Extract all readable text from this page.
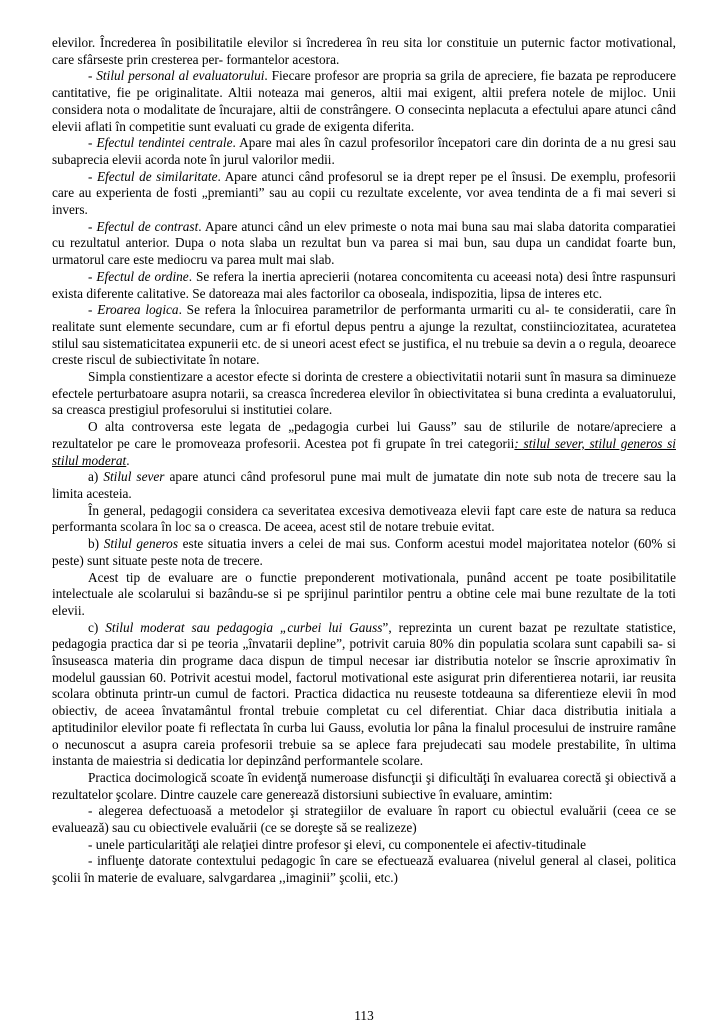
elevilor. Încrederea în posibilitatile elevilor si încrederea în reu sita lor constituie un puternic factor motivational, care sfârseste prin cresterea per- formantelor acestora.

- Stilul personal al evaluatorului. Fiecare profesor are propria sa grila de apreciere, fie bazata pe reproducere cantitative, fie pe originalitate. Altii noteaza mai generos, altii mai exigent, altii prefera notele de mijloc. Unii considera nota o modalitate de încurajare, altii de constrângere. O consecinta neplacuta a efectului apare atunci când elevii aflati în competitie sunt evaluati cu grade de exigenta diferita.

- Efectul tendintei centrale. Apare mai ales în cazul profesorilor începatori care din dorinta de a nu gresi sau subaprecia elevii acorda note în jurul valorilor medii.

- Efectul de similaritate. Apare atunci când profesorul se ia drept reper pe el însusi. De exemplu, profesorii care au experienta de fosti „premianti” sau au copii cu rezultate excelente, vor avea tendinta de a fi mai severi si invers.

- Efectul de contrast. Apare atunci când un elev primeste o nota mai buna sau mai slaba datorita comparatiei cu rezultatul anterior. Dupa o nota slaba un rezultat bun va parea si mai bun, sau dupa un candidat foarte bun, urmatorul care este mediocru va parea mult mai slab.

- Efectul de ordine. Se refera la inertia aprecierii (notarea concomitenta cu aceeasi nota) desi între raspunsuri exista diferente calitative. Se datoreaza mai ales factorilor ca oboseala, indispozitia, lipsa de interes etc.

- Eroarea logica. Se refera la înlocuirea parametrilor de performanta urmariti cu al- te consideratii, care în realitate sunt elemente secundare, cum ar fi efortul depus pentru a ajunge la rezultat, constiinciozitatea, acuratetea stilul sau sistematicitatea expunerii etc. de si uneori acest efect se justifica, el nu trebuie sa devin a o regula, deoarece creste riscul de subiectivitate în notare.

Simpla constientizare a acestor efecte si dorinta de crestere a obiectivitatii notarii sunt în masura sa diminueze efectele perturbatoare asupra notarii, sa creasca încrederea elevilor în obiectivitatea si buna credinta a evaluatorului, sa creasca prestigiul profesorului si institutiei colare.

O alta controversa este legata de „pedagogia curbei lui Gauss” sau de stilurile de notare/apreciere a rezultatelor pe care le promoveaza profesorii. Acestea pot fi grupate în trei categorii: stilul sever, stilul generos si stilul moderat.

a) Stilul sever apare atunci când profesorul pune mai mult de jumatate din note sub nota de trecere sau la limita acesteia.

În general, pedagogii considera ca severitatea excesiva demotiveaza elevii fapt care este de natura sa reduca performanta scolara în loc sa o creasca. De aceea, acest stil de notare trebuie evitat.

b) Stilul generos este situatia invers a celei de mai sus. Conform acestui model majoritatea notelor (60% si peste) sunt situate peste nota de trecere.

Acest tip de evaluare are o functie preponderent motivationala, punând accent pe toate posibilitatile intelectuale ale scolarului si bazându-se si pe sprijinul parintilor pentru a obtine cele mai bune rezultate de la toti elevii.

c) Stilul moderat sau pedagogia „curbei lui Gauss”, reprezinta un curent bazat pe rezultate statistice, pedagogia practica dar si pe teoria „învatarii depline”, potrivit caruia 80% din populatia scolara sunt capabili sa- si însuseasca materia din programe daca dispun de timpul necesar iar distributia notelor se înscrie aproximativ în modelul gaussian 60. Potrivit acestui model, factorul motivational este asigurat prin diferentierea notarii, iar reusita scolara obtinuta printr-un cumul de factori. Practica didactica nu reuseste totdeauna sa diferentieze elevii în mod obiectiv, de aceea învatamântul frontal trebuie completat cu cel diferentiat. Chiar daca distributia initiala a aptitudinilor elevilor poate fi reflectata în curba lui Gauss, evolutia lor pâna la finalul procesului de instruire ramâne o necunoscut a asupra careia profesorii trebuie sa se aplece fara prejudecati sau modele prestabilite, în ultima instanta de maiestria si dedicatia lor depinzând performantele scolare.

Practica docimologică scoate în evidenţă numeroase disfuncţii şi dificultăţi în evaluarea corectă şi obiectivă a rezultatelor şcolare. Dintre cauzele care generează distorsiuni subiective în evaluare, amintim:

- alegerea defectuoasă a metodelor şi strategiilor de evaluare în raport cu obiectul evaluării (ceea ce se evaluează) sau cu obiectivele evaluării (ce se doreşte să se realizeze)

- unele particularităţi ale relaţiei dintre profesor şi elevi, cu componentele ei afectiv-titudinale

- influenţe datorate contextului pedagogic în care se efectuează evaluarea (nivelul general al clasei, politica şcolii în materie de evaluare, salvgardarea ,,imaginii” şcolii, etc.)

113
